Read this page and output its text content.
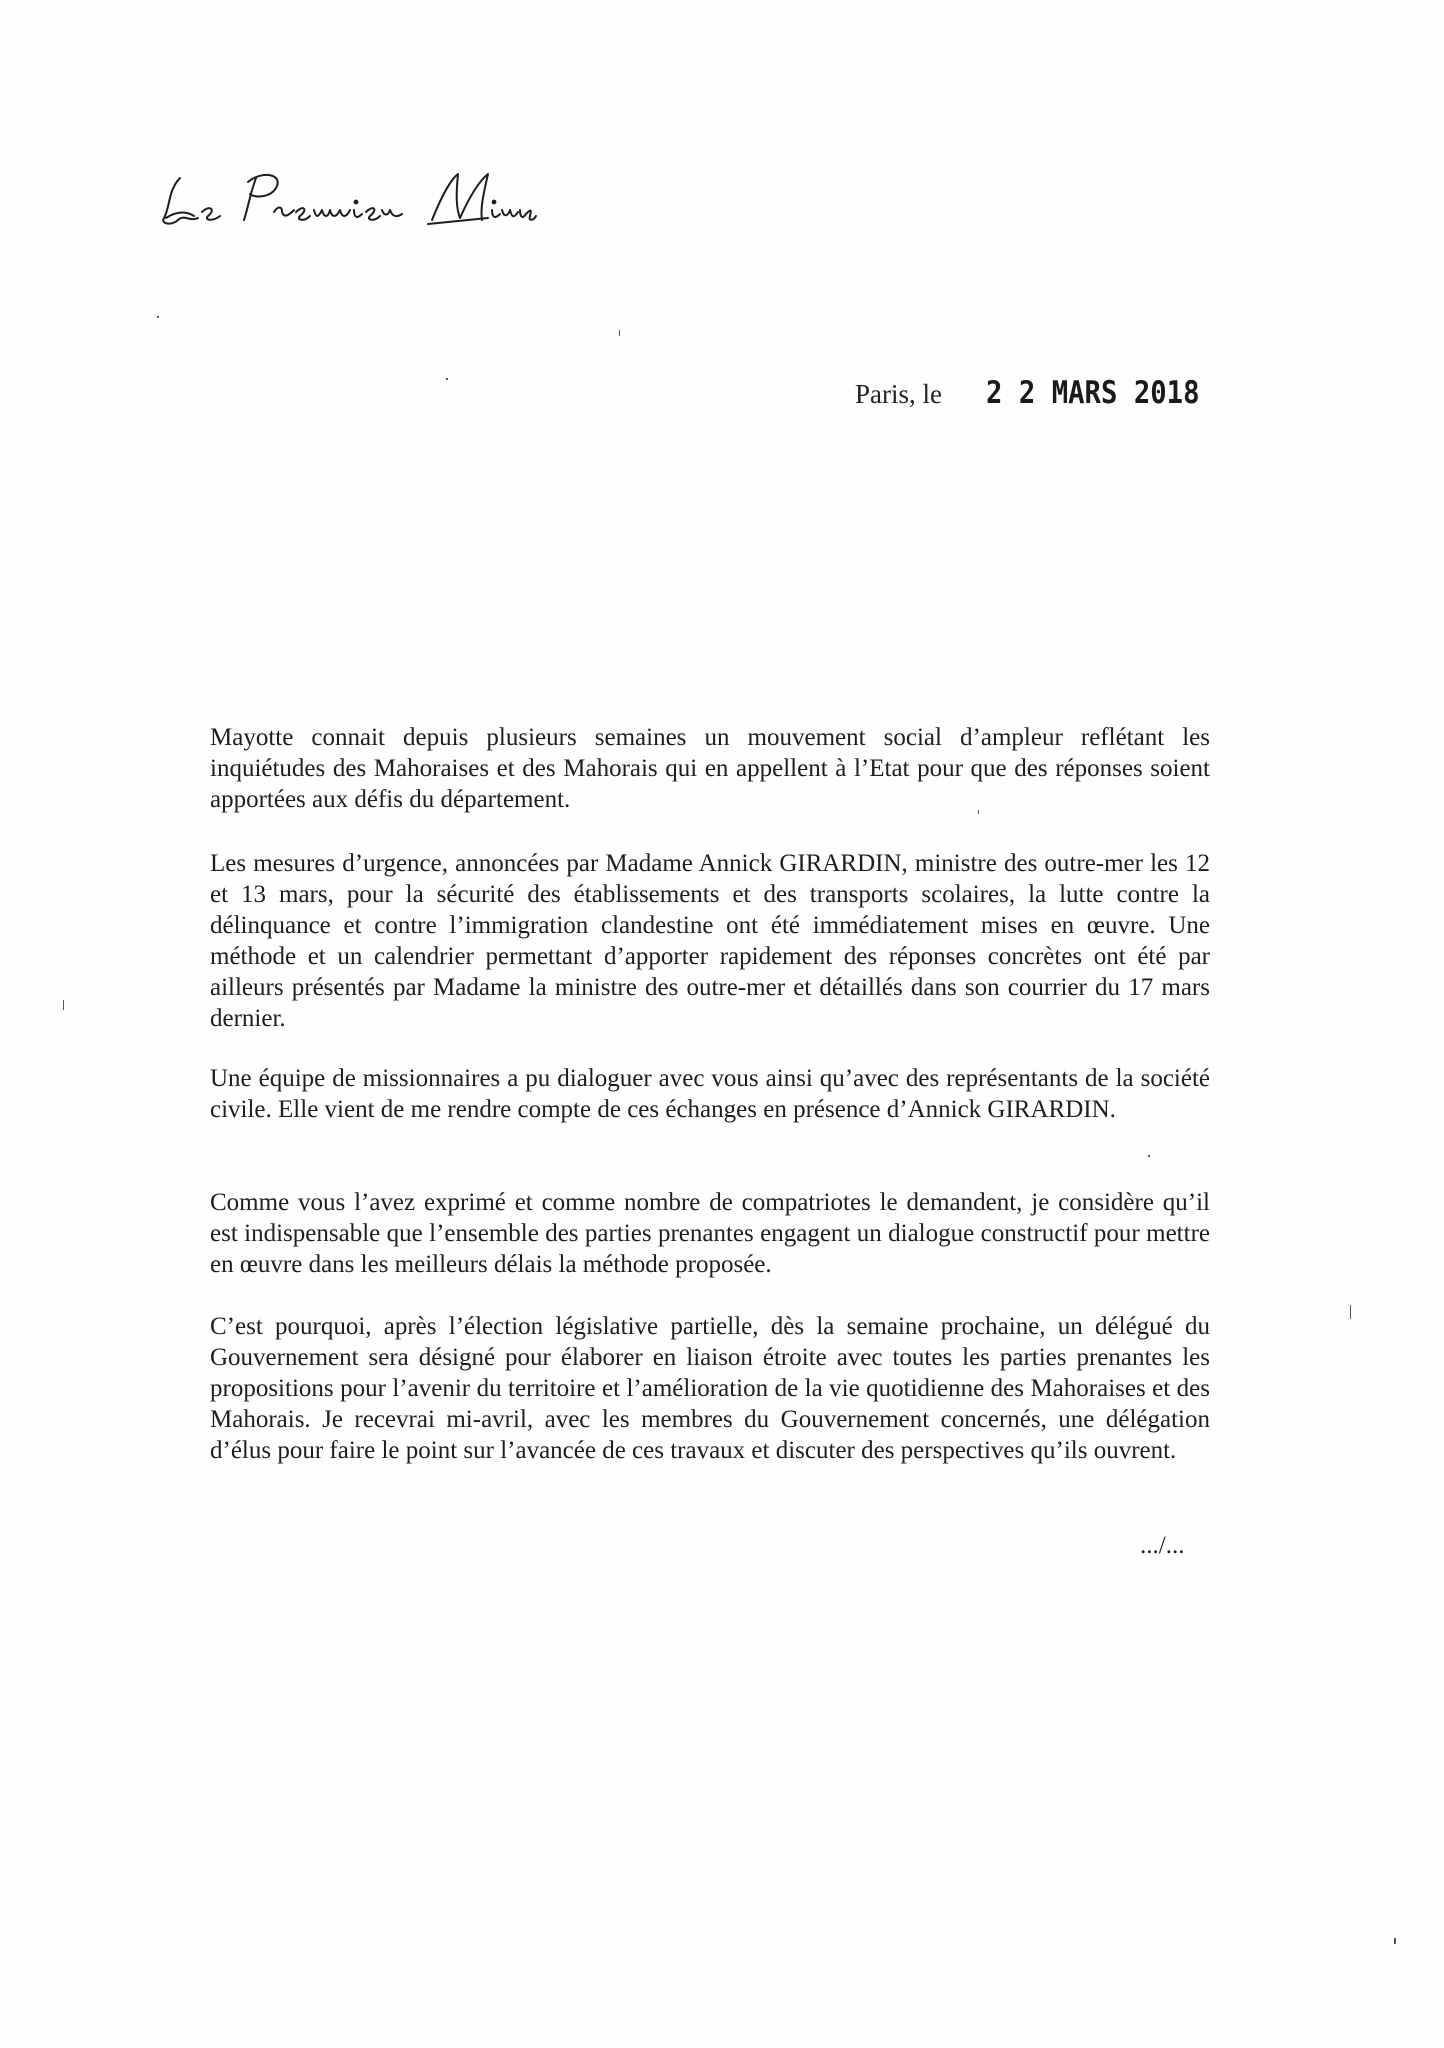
Paris, le 2 2 MARS 2018

Mayotte connait depuis plusieurs semaines un mouvement social d’ampleur reflétant les inquiétudes des Mahoraises et des Mahorais qui en appellent à l’Etat pour que des réponses soient apportées aux défis du département.

Les mesures d’urgence, annoncées par Madame Annick GIRARDIN, ministre des outre-mer les 12 et 13 mars, pour la sécurité des établissements et des transports scolaires, la lutte contre la délinquance et contre l’immigration clandestine ont été immédiatement mises en œuvre. Une méthode et un calendrier permettant d’apporter rapidement des réponses concrètes ont été par ailleurs présentés par Madame la ministre des outre-mer et détaillés dans son courrier du 17 mars dernier.

Une équipe de missionnaires a pu dialoguer avec vous ainsi qu’avec des représentants de la société civile. Elle vient de me rendre compte de ces échanges en présence d’Annick GIRARDIN.

Comme vous l’avez exprimé et comme nombre de compatriotes le demandent, je considère qu’il est indispensable que l’ensemble des parties prenantes engagent un dialogue constructif pour mettre en œuvre dans les meilleurs délais la méthode proposée.

C’est pourquoi, après l’élection législative partielle, dès la semaine prochaine, un délégué du Gouvernement sera désigné pour élaborer en liaison étroite avec toutes les parties prenantes les propositions pour l’avenir du territoire et l’amélioration de la vie quotidienne des Mahoraises et des Mahorais. Je recevrai mi-avril, avec les membres du Gouvernement concernés, une délégation d’élus pour faire le point sur l’avancée de ces travaux et discuter des perspectives qu’ils ouvrent.

.../...
